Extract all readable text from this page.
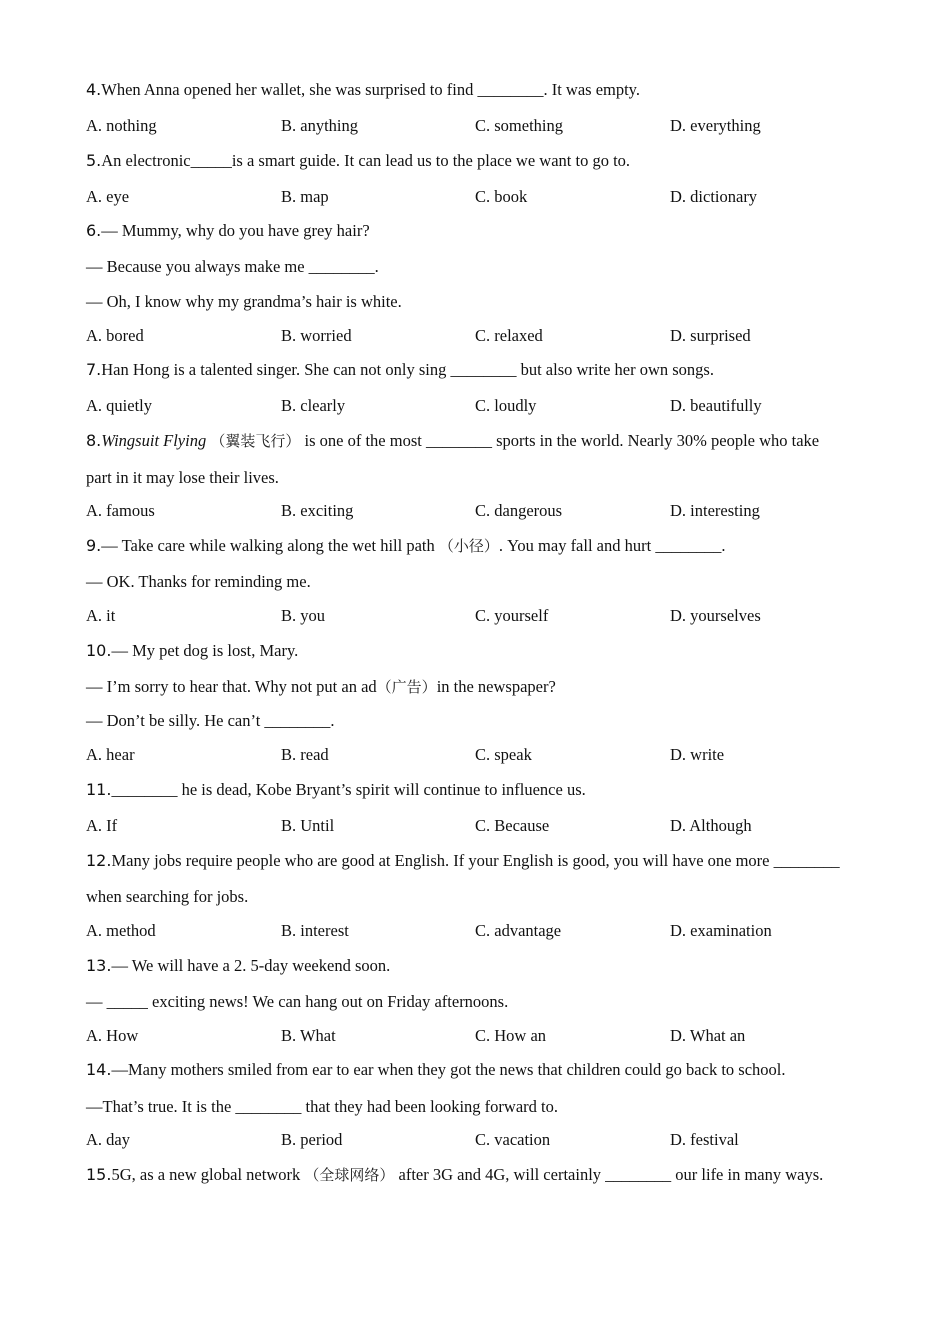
4.When Anna opened her wallet, she was surprised to find ________. It was empty.
A. nothing	B. anything	C. something	D. everything
5.An electronic_____is a smart guide. It can lead us to the place we want to go to.
A. eye	B. map	C. book	D. dictionary
6.— Mummy, why do you have grey hair?
— Because you always make me ________.
— Oh, I know why my grandma’s hair is white.
A. bored	B. worried	C. relaxed	D. surprised
7.Han Hong is a talented singer. She can not only sing ________ but also write her own songs.
A. quietly	B. clearly	C. loudly	D. beautifully
8.Wingsuit Flying （翼装飞行） is one of the most ________ sports in the world. Nearly 30% people who take
part in it may lose their lives.
A. famous	B. exciting	C. dangerous	D. interesting
9.— Take care while walking along the wet hill path （小径）. You may fall and hurt ________.
— OK. Thanks for reminding me.
A. it	B. you	C. yourself	D. yourselves
10.— My pet dog is lost, Mary.
— I’m sorry to hear that. Why not put an ad（广告）in the newspaper?
— Don’t be silly. He can’t ________.
A. hear	B. read	C. speak	D. write
11.________ he is dead, Kobe Bryant’s spirit will continue to influence us.
A. If	B. Until	C. Because	D. Although
12.Many jobs require people who are good at English. If your English is good, you will have one more ________
when searching for jobs.
A. method	B. interest	C. advantage	D. examination
13.— We will have a 2. 5-day weekend soon.
— _____ exciting news! We can hang out on Friday afternoons.
A. How	B. What	C. How an	D. What an
14.—Many mothers smiled from ear to ear when they got the news that children could go back to school.
—That’s true. It is the ________ that they had been looking forward to.
A. day	B. period	C. vacation	D. festival
15.5G, as a new global network （全球网络） after 3G and 4G, will certainly ________ our life in many ways.
